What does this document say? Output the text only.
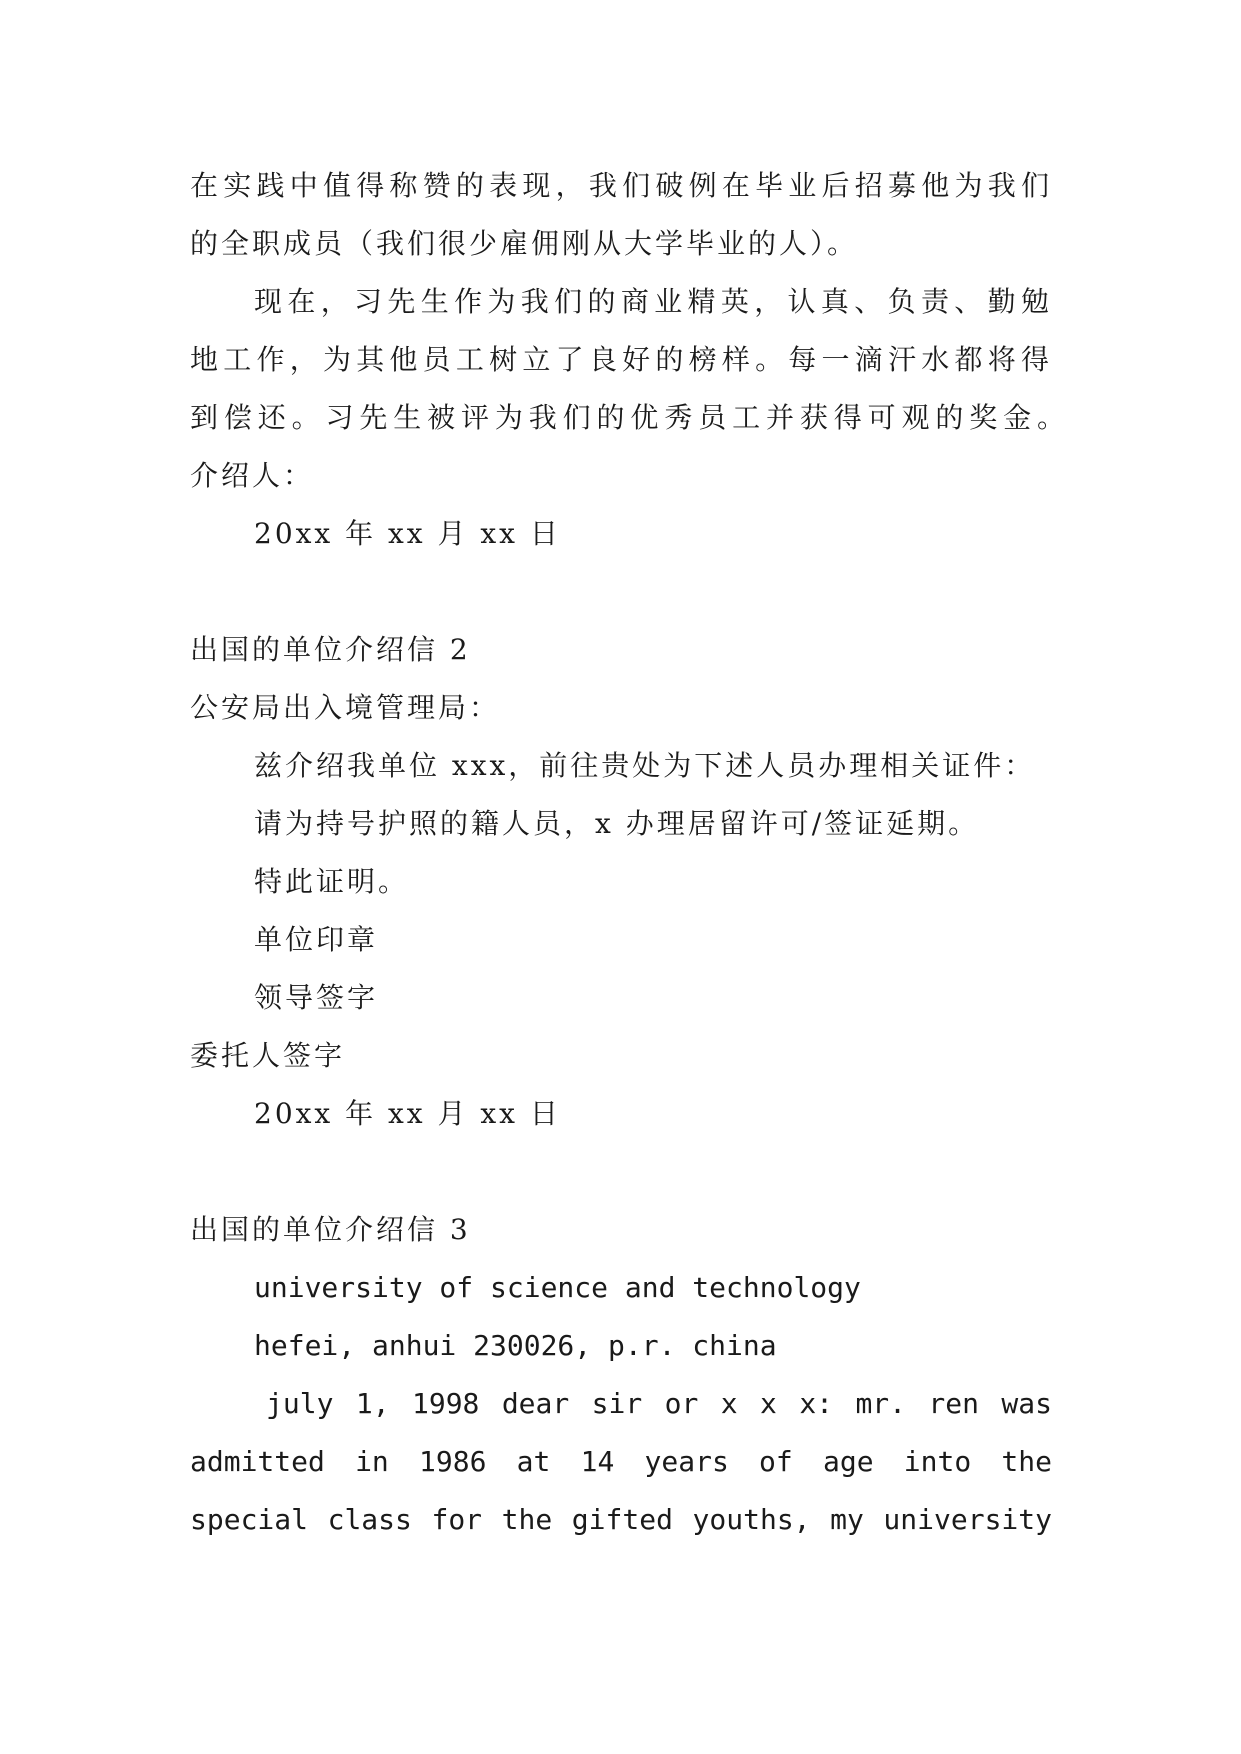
在实践中值得称赞的表现，我们破例在毕业后招募他为我们
的全职成员（我们很少雇佣刚从大学毕业的人）。
现在，习先生作为我们的商业精英，认真、负责、勤勉
地工作，为其他员工树立了良好的榜样。每一滴汗水都将得
到偿还。习先生被评为我们的优秀员工并获得可观的奖金。
介绍人：
20xx 年 xx 月 xx 日
出国的单位介绍信 2
公安局出入境管理局：
兹介绍我单位 xxx，前往贵处为下述人员办理相关证件：
请为持号护照的籍人员，x 办理居留许可/签证延期。
特此证明。
单位印章
领导签字
委托人签字
20xx 年 xx 月 xx 日
出国的单位介绍信 3
university of science and technology
hefei, anhui 230026, p.r. china
july 1, 1998 dear sir or x x x: mr. ren was
admitted in 1986 at 14 years of age into the
special class for the gifted youths, my university
